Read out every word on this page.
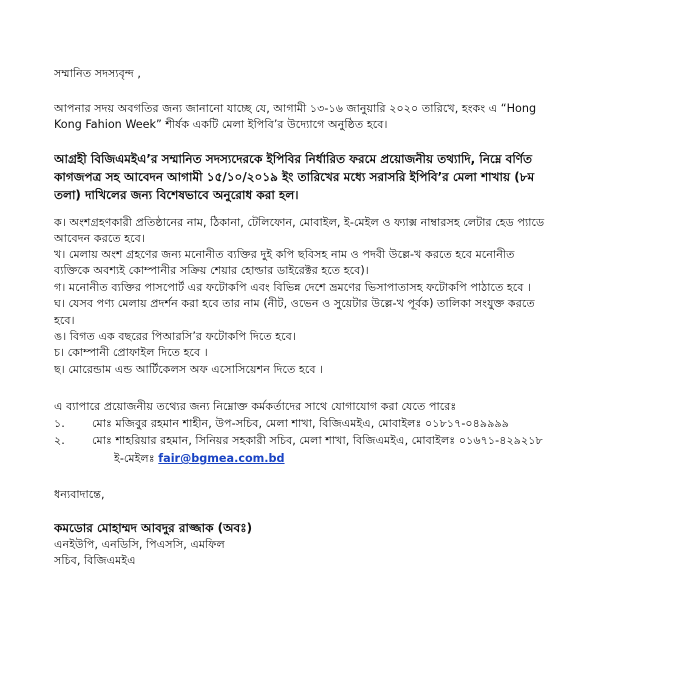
সম্মানিত সদস্যবৃন্দ ,
আপনার সদয় অবগতির জন্য জানানো যাচ্ছে যে, আগামী ১৩-১৬ জানুয়ারি ২০২০ তারিখে, হংকং এ “Hong
Kong Fahion Week” শীর্ষক একটি মেলা ইপিবি’র উদ্যোগে অনুষ্ঠিত হবে।
আগ্রহী বিজিএমইএ’র সম্মানিত সদস্যদেরকে ইপিবির নির্ধারিত ফরমে প্রয়োজনীয় তথ্যাদি, নিম্নে বর্ণিত
কাগজপত্র সহ আবেদন আগামী ১৫/১০/২০১৯ ইং তারিখের মধ্যে সরাসরি ইপিবি’র মেলা শাখায় (৮ম
তলা) দাখিলের জন্য বিশেষভাবে অনুরোধ করা হল।
ক। অংশগ্রহণকারী প্রতিষ্ঠানের নাম, ঠিকানা, টেলিফোন, মোবাইল, ই-মেইল ও ফ্যাক্স নাম্বারসহ লেটার হেড প্যাডে
আবেদন করতে হবে।
খ। মেলায় অংশ গ্রহণের জন্য মনোনীত ব্যক্তির দুই কপি ছবিসহ নাম ও পদবী উল্লে-খ করতে হবে মনোনীত
ব্যক্তিকে অবশ্যই কোম্পানীর সক্রিয় শেয়ার হোল্ডার ডাইরেক্টর হতে হবে)।
গ। মনোনীত ব্যক্তির পাসপোর্ট এর ফটোকপি এবং বিভিন্ন দেশে ভ্রমণের ভিসাপাতাসহ ফটোকপি পাঠাতে হবে ।
ঘ। যেসব পণ্য মেলায় প্রদর্শন করা হবে তার নাম (নীট, ওভেন ও সুয়েটার উল্লে-খ পূর্বক) তালিকা সংযুক্ত করতে
হবে।
ঙ। বিগত এক বছরের পিআরসি’র ফটোকপি দিতে হবে।
চ। কোম্পানী প্রোফাইল দিতে হবে ।
ছ। মোরেন্ডাম এন্ড আর্টিকেলস অফ এসোসিয়েশন দিতে হবে ।
এ ব্যাপারে প্রয়োজনীয় তথ্যের জন্য নিম্নোক্ত কর্মকর্তাদের সাথে যোগাযোগ করা যেতে পারেঃ
১. মোঃ মজিবুর রহমান শাহীন, উপ-সচিব, মেলা শাখা, বিজিএমইএ, মোবাইলঃ ০১৮১৭-০৪৯৯৯৯
২. মোঃ শাহরিয়ার রহমান, সিনিয়র সহকারী সচিব, মেলা শাখা, বিজিএমইএ, মোবাইলঃ ০১৬৭১-৪২৯২১৮
ই-মেইলঃ fair@bgmea.com.bd
ধন্যবাদান্তে,
কমডোর মোহাম্মদ আবদুর রাজ্জাক (অবঃ)
এনইউপি, এনডিসি, পিএসসি, এমফিল
সচিব, বিজিএমইএ
